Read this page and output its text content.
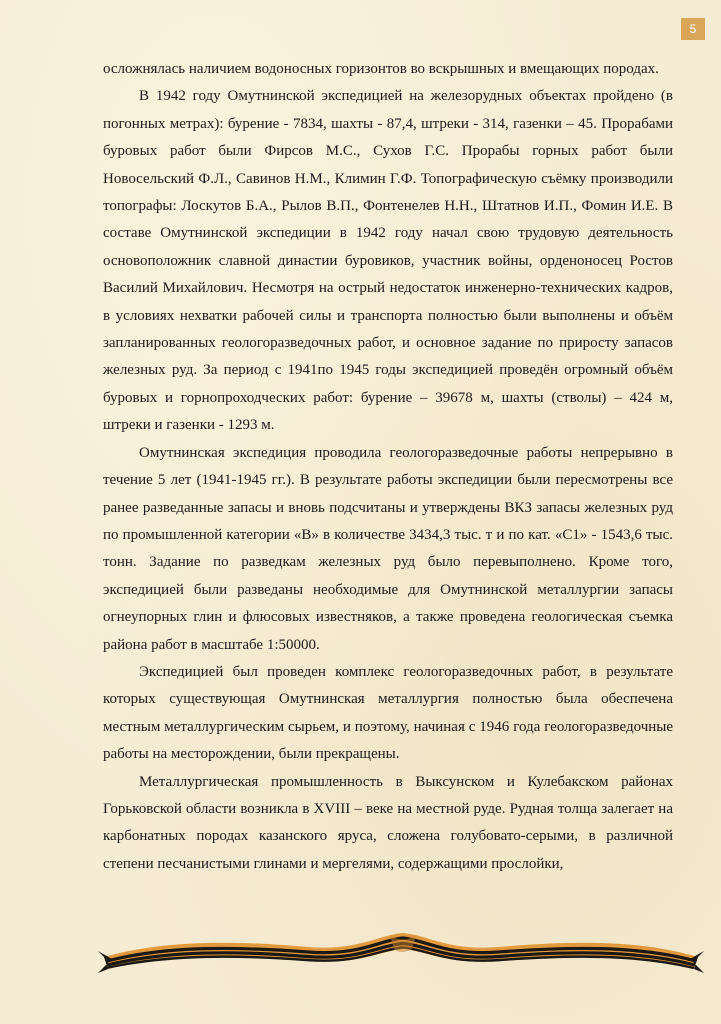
5

осложнялась наличием водоносных горизонтов во вскрышных и вмещающих породах.

В 1942 году Омутнинской экспедицией на железорудных объектах пройдено (в погонных метрах): бурение - 7834, шахты - 87,4, штреки - 314, газенки – 45. Прорабами буровых работ были Фирсов М.С., Сухов Г.С. Прорабы горных работ были Новосельский Ф.Л., Савинов Н.М., Климин Г.Ф. Топографическую съёмку производили топографы: Лоскутов Б.А., Рылов В.П., Фонтенелев Н.Н., Штатнов И.П., Фомин И.Е. В составе Омутнинской экспедиции в 1942 году начал свою трудовую деятельность основоположник славной династии буровиков, участник войны, орденоносец Ростов Василий Михайлович. Несмотря на острый недостаток инженерно-технических кадров, в условиях нехватки рабочей силы и транспорта полностью были выполнены и объём запланированных геологоразведочных работ, и основное задание по приросту запасов железных руд. За период с 1941по 1945 годы экспедицией проведён огромный объём буровых и горнопроходческих работ: бурение – 39678 м, шахты (стволы) – 424 м, штреки и газенки - 1293 м.

Омутнинская экспедиция проводила геологоразведочные работы непрерывно в течение 5 лет (1941-1945 гг.). В результате работы экспедиции были пересмотрены все ранее разведанные запасы и вновь подсчитаны и утверждены ВКЗ запасы железных руд по промышленной категории «В» в количестве 3434,3 тыс. т и по кат. «С1» - 1543,6 тыс. тонн. Задание по разведкам железных руд было перевыполнено. Кроме того, экспедицией были разведаны необходимые для Омутнинской металлургии запасы огнеупорных глин и флюсовых известняков, а также проведена геологическая съемка района работ в масштабе 1:50000.

Экспедицией был проведен комплекс геологоразведочных работ, в результате которых существующая Омутнинская металлургия полностью была обеспечена местным металлургическим сырьем, и поэтому, начиная с 1946 года геологоразведочные работы на месторождении, были прекращены.

Металлургическая промышленность в Выксунском и Кулебакском районах Горьковской области возникла в XVIII – веке на местной руде. Рудная толща залегает на карбонатных породах казанского яруса, сложена голубовато-серыми, в различной степени песчанистыми глинами и мергелями, содержащими прослойки,
